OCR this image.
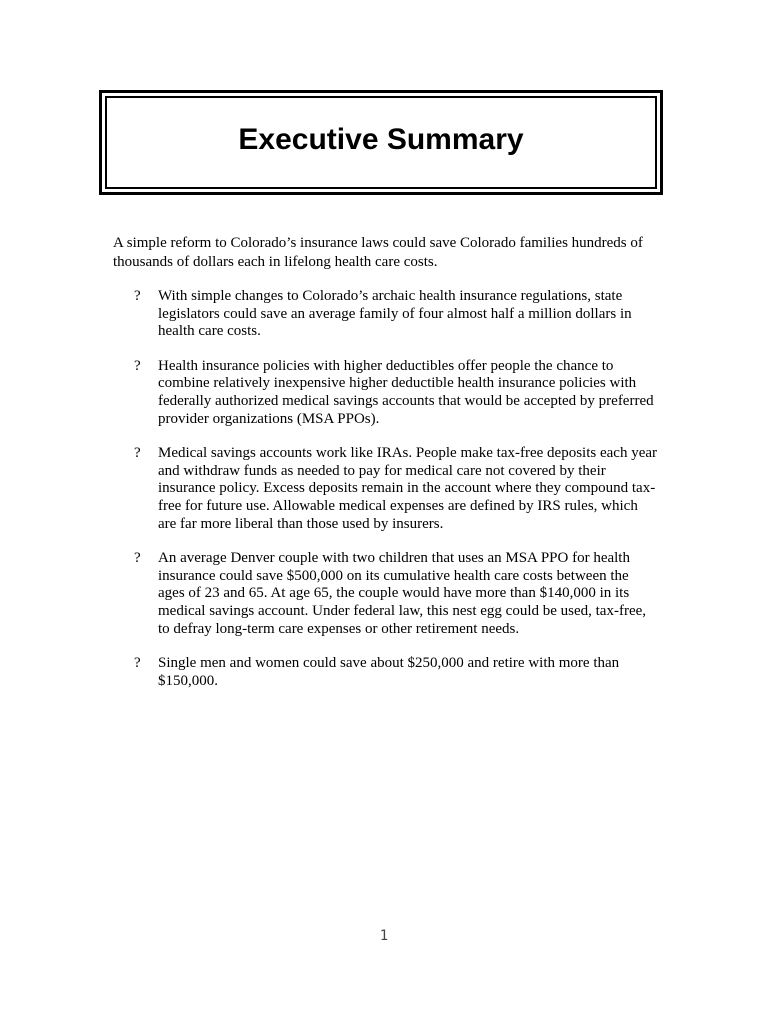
Executive Summary

A simple reform to Colorado’s insurance laws could save Colorado families hundreds of thousands of dollars each in lifelong health care costs.

? With simple changes to Colorado’s archaic health insurance regulations, state legislators could save an average family of four almost half a million dollars in health care costs.
? Health insurance policies with higher deductibles offer people the chance to combine relatively inexpensive higher deductible health insurance policies with federally authorized medical savings accounts that would be accepted by preferred provider organizations (MSA PPOs).
? Medical savings accounts work like IRAs. People make tax-free deposits each year and withdraw funds as needed to pay for medical care not covered by their insurance policy. Excess deposits remain in the account where they compound tax-free for future use. Allowable medical expenses are defined by IRS rules, which are far more liberal than those used by insurers.
? An average Denver couple with two children that uses an MSA PPO for health insurance could save $500,000 on its cumulative health care costs between the ages of 23 and 65. At age 65, the couple would have more than $140,000 in its medical savings account. Under federal law, this nest egg could be used, tax-free, to defray long-term care expenses or other retirement needs.
? Single men and women could save about $250,000 and retire with more than $150,000.
1
